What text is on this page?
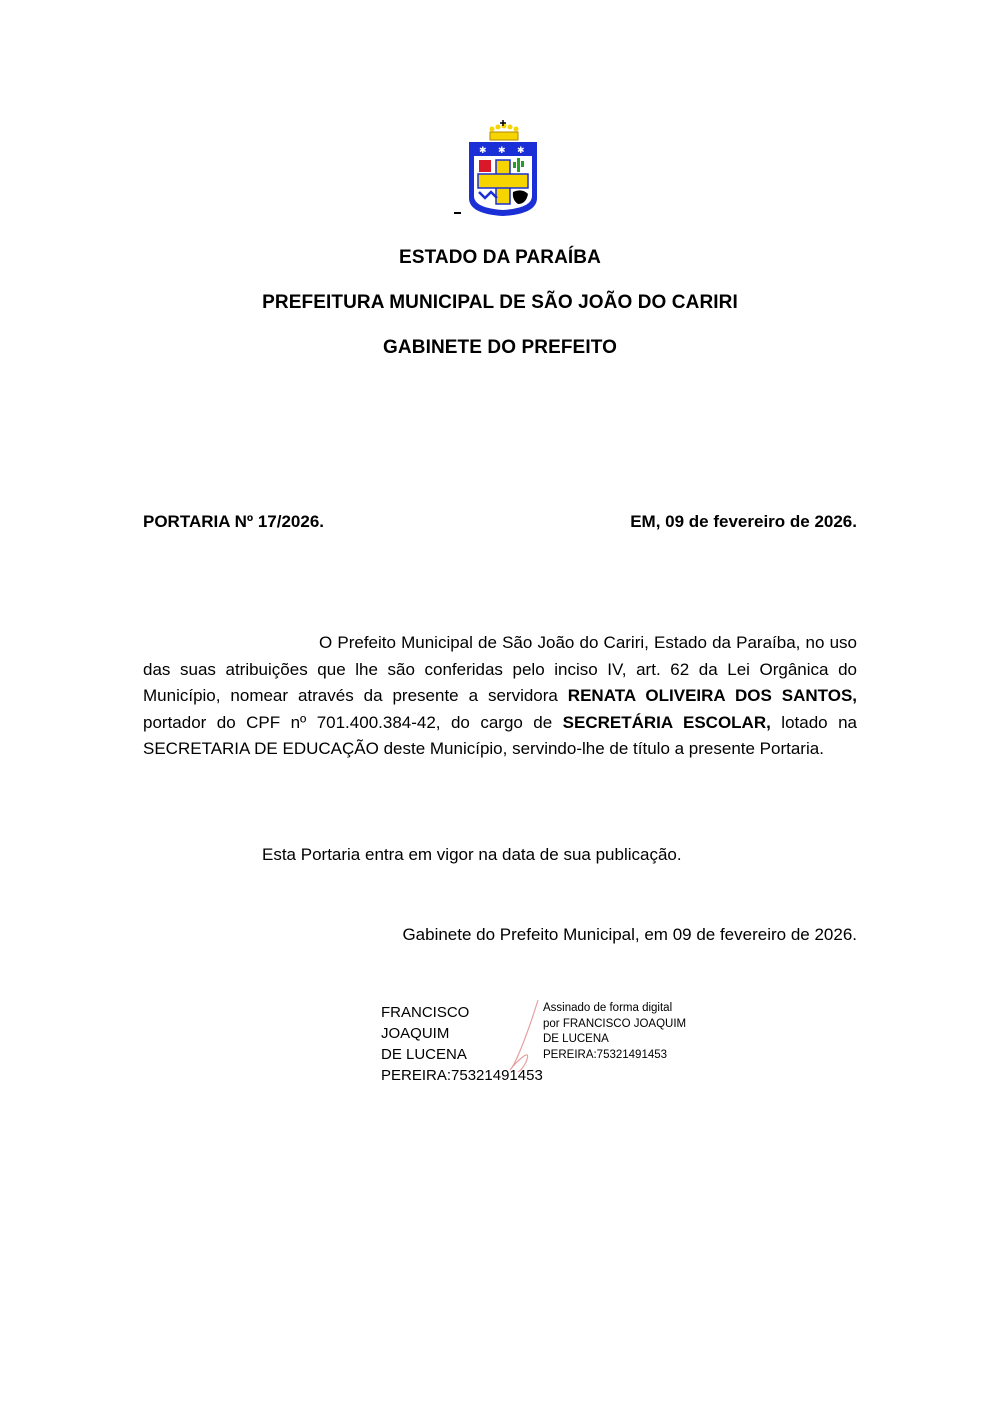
✱ ✱ ✱
ESTADO DA PARAÍBA
PREFEITURA MUNICIPAL DE SÃO JOÃO DO CARIRI
GABINETE DO PREFEITO
PORTARIA Nº 17/2026.	EM, 09 de fevereiro de 2026.
O Prefeito Municipal de São João do Cariri, Estado da Paraíba, no uso das suas atribuições que lhe são conferidas pelo inciso IV, art. 62 da Lei Orgânica do Município, nomear através da presente a servidora RENATA OLIVEIRA DOS SANTOS, portador do CPF nº 701.400.384-42, do cargo de SECRETÁRIA ESCOLAR, lotado na SECRETARIA DE EDUCAÇÃO deste Município, servindo-lhe de título a presente Portaria.
Esta Portaria entra em vigor na data de sua publicação.
Gabinete do Prefeito Municipal, em 09 de fevereiro de 2026.
FRANCISCO JOAQUIM
DE LUCENA
PEREIRA:75321491453
Assinado de forma digital
por FRANCISCO JOAQUIM
DE LUCENA
PEREIRA:75321491453
